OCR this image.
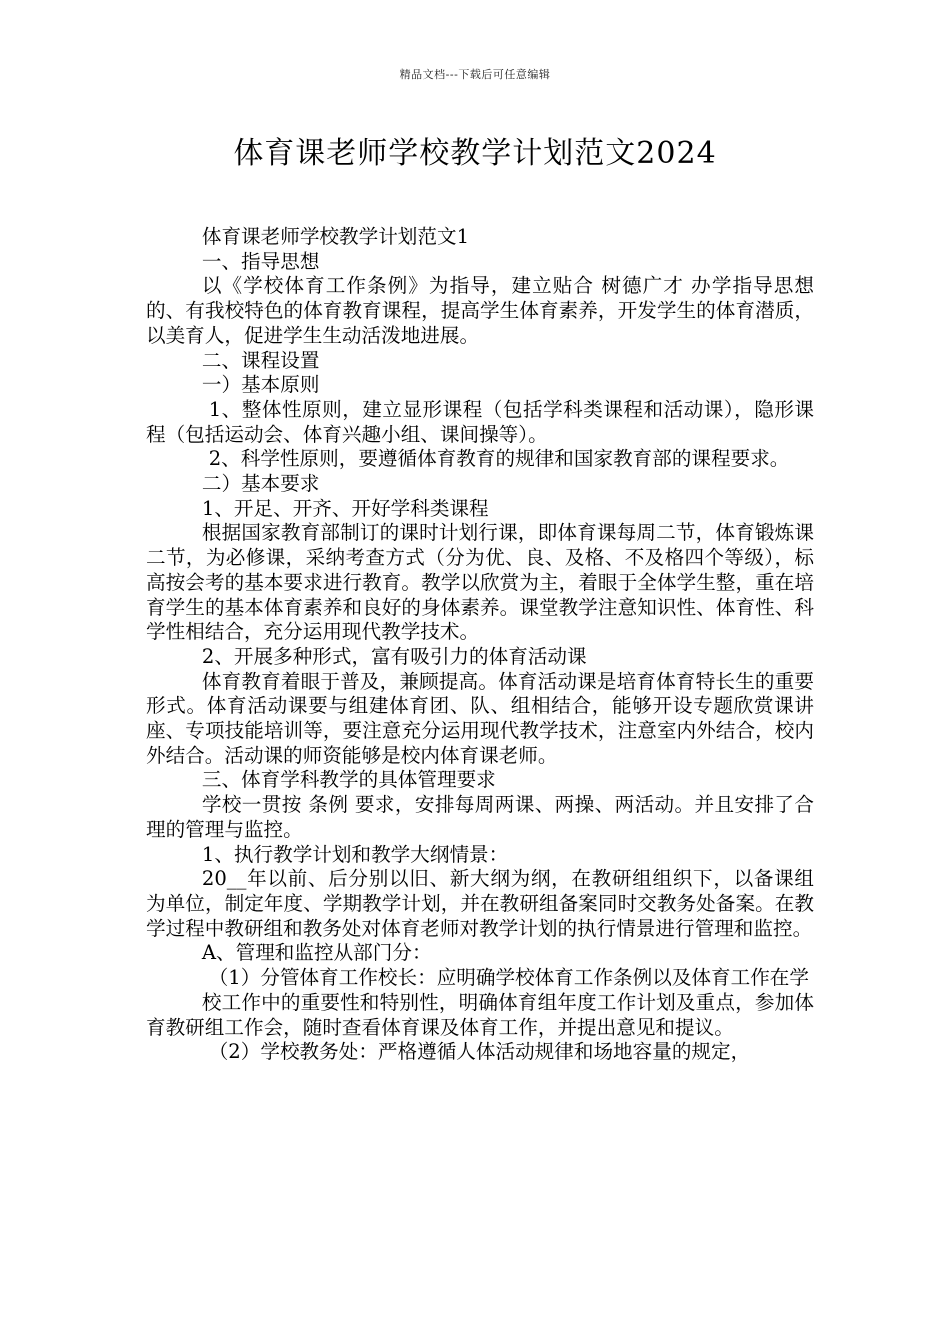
精品文档---下载后可任意编辑
体育课老师学校教学计划范文2024

体育课老师学校教学计划范文1

一、指导思想

以《学校体育工作条例》为指导，建立贴合 树德广才 办学指导思想的、有我校特色的体育教育课程，提高学生体育素养，开发学生的体育潜质，以美育人，促进学生生动活泼地进展。

二、课程设置

一）基本原则

1、整体性原则，建立显形课程（包括学科类课程和活动课），隐形课程（包括运动会、体育兴趣小组、课间操等）。

2、科学性原则，要遵循体育教育的规律和国家教育部的课程要求。

二）基本要求

1、开足、开齐、开好学科类课程

根据国家教育部制订的课时计划行课，即体育课每周二节，体育锻炼课二节，为必修课，采纳考查方式（分为优、良、及格、不及格四个等级），标高按会考的基本要求进行教育。教学以欣赏为主，着眼于全体学生整，重在培育学生的基本体育素养和良好的身体素养。课堂教学注意知识性、体育性、科学性相结合，充分运用现代教学技术。

2、开展多种形式，富有吸引力的体育活动课

体育教育着眼于普及，兼顾提高。体育活动课是培育体育特长生的重要形式。体育活动课要与组建体育团、队、组相结合，能够开设专题欣赏课讲座、专项技能培训等，要注意充分运用现代教学技术，注意室内外结合，校内外结合。活动课的师资能够是校内体育课老师。

三、体育学科教学的具体管理要求

学校一贯按 条例 要求，安排每周两课、两操、两活动。并且安排了合理的管理与监控。

1、执行教学计划和教学大纲情景：

20__年以前、后分别以旧、新大纲为纲，在教研组组织下，以备课组为单位，制定年度、学期教学计划，并在教研组备案同时交教务处备案。在教学过程中教研组和教务处对体育老师对教学计划的执行情景进行管理和监控。

A、管理和监控从部门分：

（1）分管体育工作校长：应明确学校体育工作条例以及体育工作在学

校工作中的重要性和特别性，明确体育组年度工作计划及重点，参加体育教研组工作会，随时查看体育课及体育工作，并提出意见和提议。

（2）学校教务处：严格遵循人体活动规律和场地容量的规定，
